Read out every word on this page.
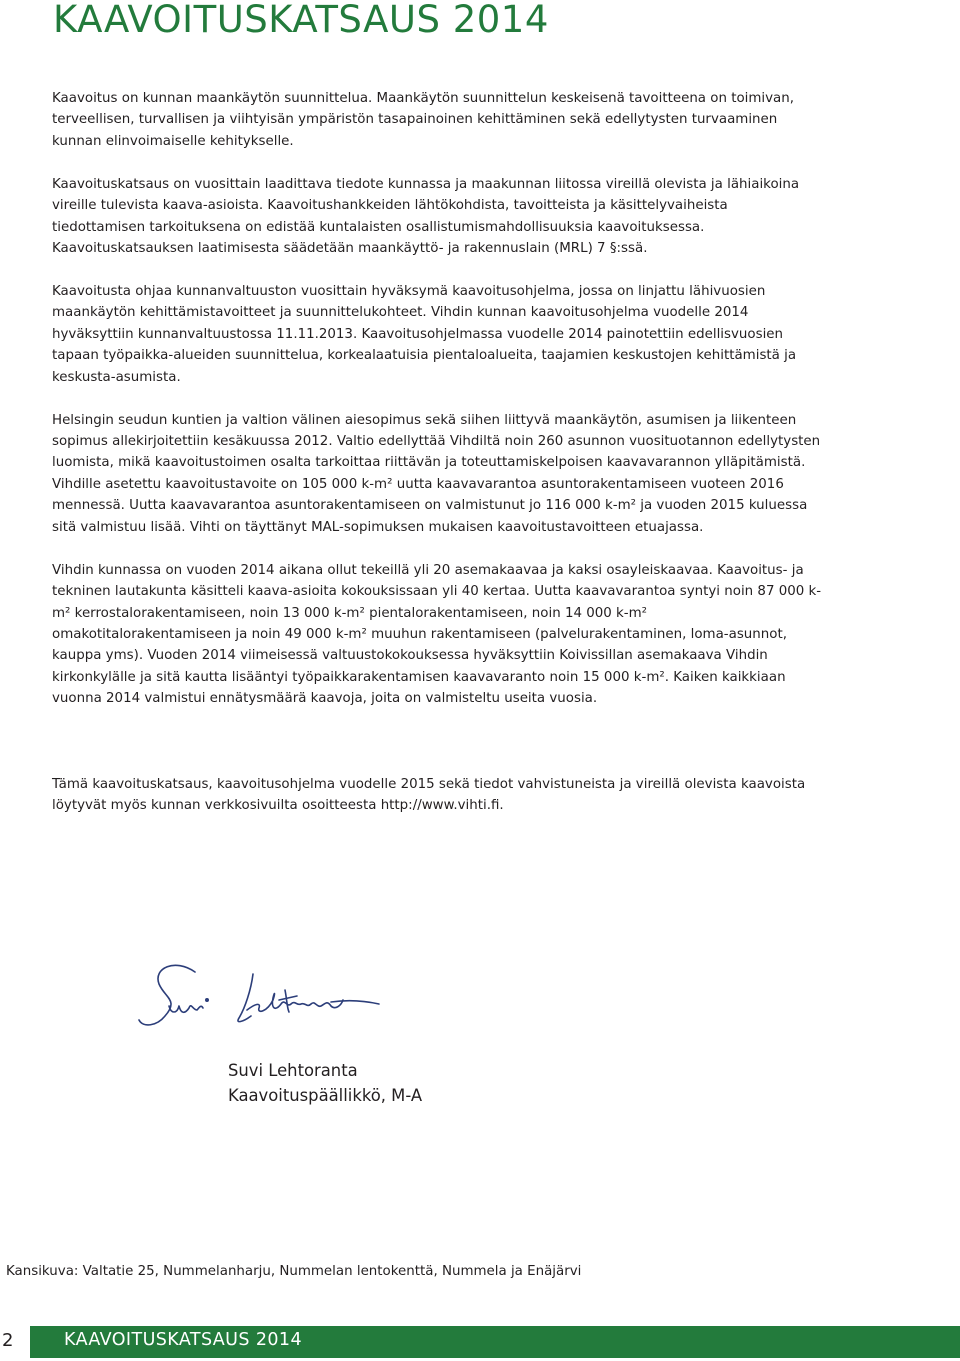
KAAVOITUSKATSAUS 2014

Kaavoitus on kunnan maankäytön suunnittelua. Maankäytön suunnittelun keskeisenä tavoitteena on toimivan, terveellisen, turvallisen ja viihtyisän ympäristön tasapainoinen kehittäminen sekä edellytysten turvaaminen kunnan elinvoimaiselle kehitykselle.

Kaavoituskatsaus on vuosittain laadittava tiedote kunnassa ja maakunnan liitossa vireillä olevista ja lähiaikoina vireille tulevista kaava-asioista. Kaavoitushankkeiden lähtökohdista, tavoitteista ja käsittelyvaiheista tiedottamisen tarkoituksena on edistää kuntalaisten osallistumismahdollisuuksia kaavoituksessa. Kaavoituskatsauksen laatimisesta säädetään maankäyttö- ja rakennuslain (MRL) 7 §:ssä.

Kaavoitusta ohjaa kunnanvaltuuston vuosittain hyväksymä kaavoitusohjelma, jossa on linjattu lähivuosien maankäytön kehittämistavoitteet ja suunnittelukohteet. Vihdin kunnan kaavoitusohjelma vuodelle 2014 hyväksyttiin kunnanvaltuustossa 11.11.2013. Kaavoitusohjelmassa vuodelle 2014 painotettiin edellisvuosien tapaan työpaikka-alueiden suunnittelua, korkealaatuisia pientaloalueita, taajamien keskustojen kehittämistä ja keskusta-asumista.

Helsingin seudun kuntien ja valtion välinen aiesopimus sekä siihen liittyvä maankäytön, asumisen ja liikenteen sopimus allekirjoitettiin kesäkuussa 2012. Valtio edellyttää Vihdiltä noin 260 asunnon vuosituotannon edellytysten luomista, mikä kaavoitustoimen osalta tarkoittaa riittävän ja toteuttamiskelpoisen kaavavarannon ylläpitämistä. Vihdille asetettu kaavoitustavoite on 105 000 k-m² uutta kaavavarantoa asuntorakentamiseen vuoteen 2016 mennessä. Uutta kaavavarantoa asuntorakentamiseen on valmistunut jo 116 000 k-m² ja vuoden 2015 kuluessa sitä valmistuu lisää. Vihti on täyttänyt MAL-sopimuksen mukaisen kaavoitustavoitteen etuajassa.

Vihdin kunnassa on vuoden 2014 aikana ollut tekeillä yli 20 asemakaavaa ja kaksi osayleiskaavaa. Kaavoitus- ja tekninen lautakunta käsitteli kaava-asioita kokouksissaan yli 40 kertaa. Uutta kaavavarantoa syntyi noin 87 000 k-m² kerrostalorakentamiseen, noin 13 000 k-m² pientalorakentamiseen, noin 14 000 k-m² omakotitalorakentamiseen ja noin 49 000 k-m² muuhun rakentamiseen (palvelurakentaminen, loma-asunnot, kauppa yms). Vuoden 2014 viimeisessä valtuustokokouksessa hyväksyttiin Koivissillan asemakaava Vihdin kirkonkylälle ja sitä kautta lisääntyi työpaikkarakentamisen kaavavaranto noin 15 000 k-m². Kaiken kaikkiaan vuonna 2014 valmistui ennätysmäärä kaavoja, joita on valmisteltu useita vuosia.

Tämä kaavoituskatsaus, kaavoitusohjelma vuodelle 2015 sekä tiedot vahvistuneista ja vireillä olevista kaavoista löytyvät myös kunnan verkkosivuilta osoitteesta http://www.vihti.fi.

Suvi Lehtoranta
Kaavoituspäällikkö, M-A
Kansikuva: Valtatie 25, Nummelanharju, Nummelan lentokenttä, Nummela ja Enäjärvi
2	KAAVOITUSKATSAUS 2014
